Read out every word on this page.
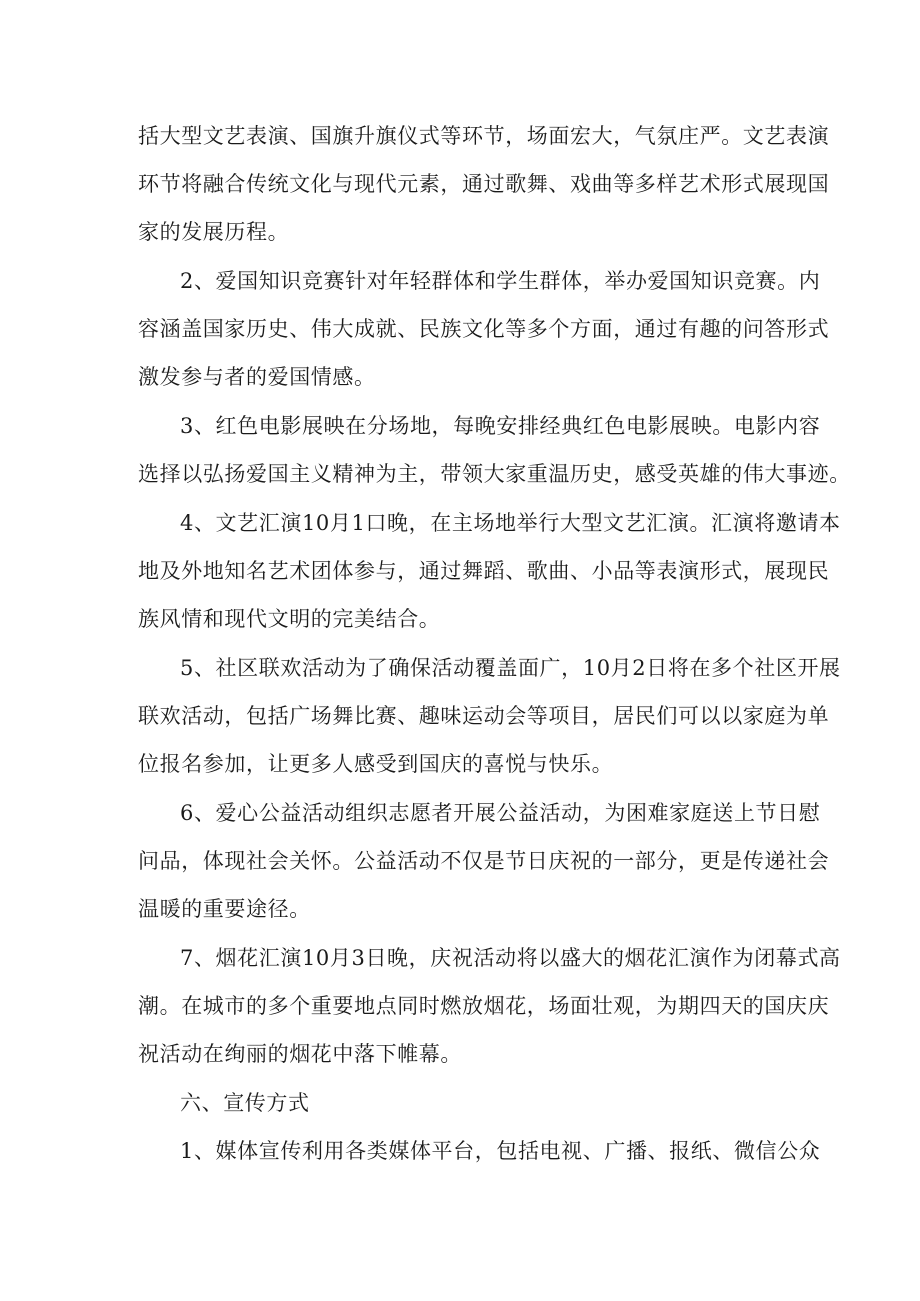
括大型文艺表演、国旗升旗仪式等环节，场面宏大，气氛庄严。文艺表演
环节将融合传统文化与现代元素，通过歌舞、戏曲等多样艺术形式展现国
家的发展历程。
2、爱国知识竞赛针对年轻群体和学生群体，举办爱国知识竞赛。内
容涵盖国家历史、伟大成就、民族文化等多个方面，通过有趣的问答形式
激发参与者的爱国情感。
3、红色电影展映在分场地，每晚安排经典红色电影展映。电影内容
选择以弘扬爱国主义精神为主，带领大家重温历史，感受英雄的伟大事迹。
4、文艺汇演10月1口晚，在主场地举行大型文艺汇演。汇演将邀请本
地及外地知名艺术团体参与，通过舞蹈、歌曲、小品等表演形式，展现民
族风情和现代文明的完美结合。
5、社区联欢活动为了确保活动覆盖面广，10月2日将在多个社区开展
联欢活动，包括广场舞比赛、趣味运动会等项目，居民们可以以家庭为单
位报名参加，让更多人感受到国庆的喜悦与快乐。
6、爱心公益活动组织志愿者开展公益活动，为困难家庭送上节日慰
问品，体现社会关怀。公益活动不仅是节日庆祝的一部分，更是传递社会
温暖的重要途径。
7、烟花汇演10月3日晚，庆祝活动将以盛大的烟花汇演作为闭幕式高
潮。在城市的多个重要地点同时燃放烟花，场面壮观，为期四天的国庆庆
祝活动在绚丽的烟花中落下帷幕。
六、宣传方式
1、媒体宣传利用各类媒体平台，包括电视、广播、报纸、微信公众
